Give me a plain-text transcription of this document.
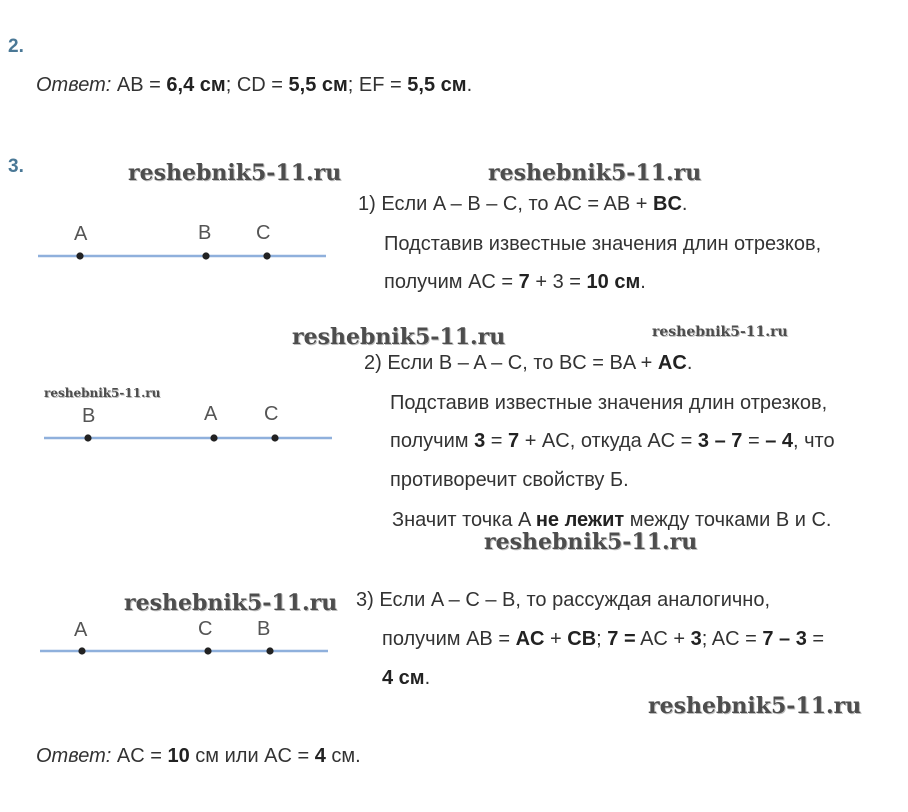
2.
Ответ: AB = 6,4 см; CD = 5,5 см; EF = 5,5 см.
3.	reshebnik5-11.ru	reshebnik5-11.ru
reshebnik5-11.ru	reshebnik5-11.ru
reshebnik5-11.ru
reshebnik5-11.ru
reshebnik5-11.ru
reshebnik5-11.ru
A	B C
1) Если A – B – C, то AC = AB + BC.
Подставив известные значения длин отрезков,
получим AC = 7 + 3 = 10 см.
B	A C
2) Если B – A – C, то BC = BA + AC.
Подставив известные значения длин отрезков,
получим 3 = 7 + AC, откуда AC = 3 – 7 = – 4, что
противоречит свойству Б.
Значит точка A не лежит между точками B и C.
A	C B
3) Если A – C – B, то рассуждая аналогично,
получим AB = AC + CB; 7 = AC + 3; AC = 7 – 3 =
4 см.
Ответ: AC = 10 см или AC = 4 см.
